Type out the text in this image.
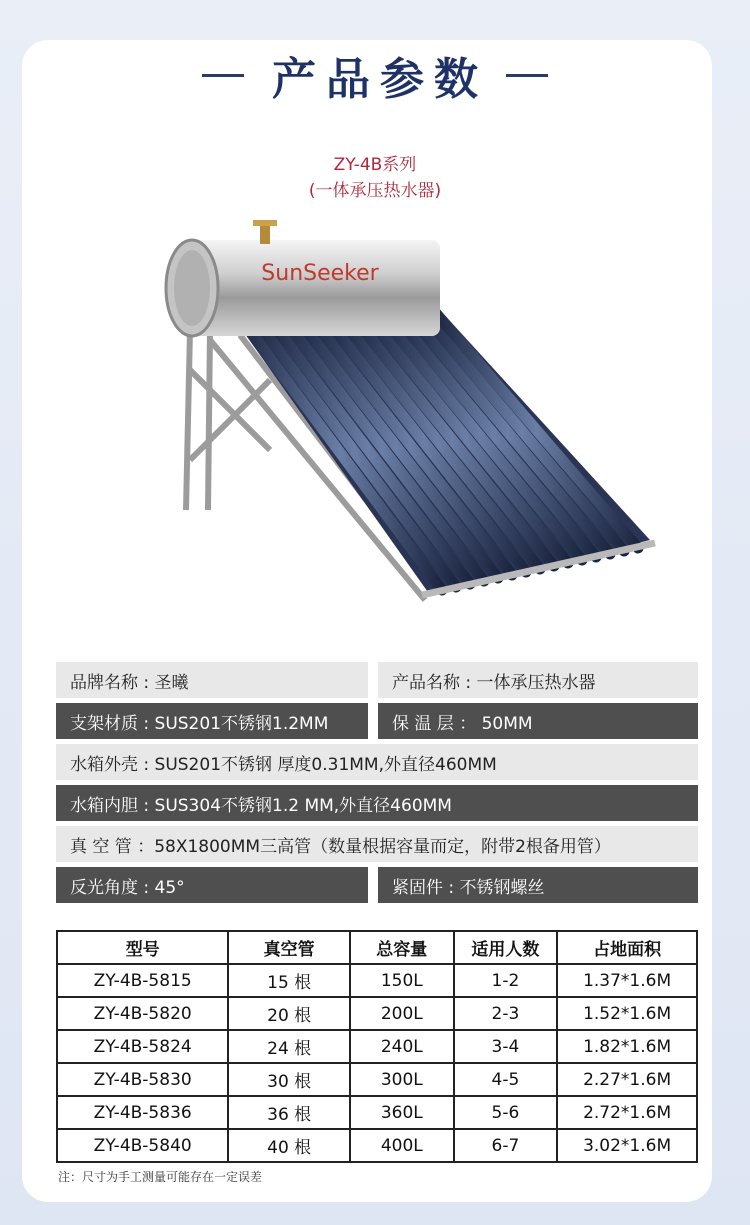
产品参数
ZY-4B系列
(一体承压热水器)
SunSeeker
品牌名称 : 圣曦	产品名称 : 一体承压热水器
支架材质 : SUS201不锈钢1.2MM	保 温 层 ： 50MM
水箱外壳 : SUS201不锈钢 厚度0.31MM,外直径460MM
水箱内胆 : SUS304不锈钢1.2 MM,外直径460MM
真 空 管 ：58X1800MM三高管（数量根据容量而定，附带2根备用管）
反光角度 : 45°	紧固件 : 不锈钢螺丝
型号	真空管	总容量	适用人数	占地面积
ZY-4B-5815	15 根	150L	1-2	1.37*1.6M
ZY-4B-5820	20 根	200L	2-3	1.52*1.6M
ZY-4B-5824	24 根	240L	3-4	1.82*1.6M
ZY-4B-5830	30 根	300L	4-5	2.27*1.6M
ZY-4B-5836	36 根	360L	5-6	2.72*1.6M
ZY-4B-5840	40 根	400L	6-7	3.02*1.6M
注：尺寸为手工测量可能存在一定误差
